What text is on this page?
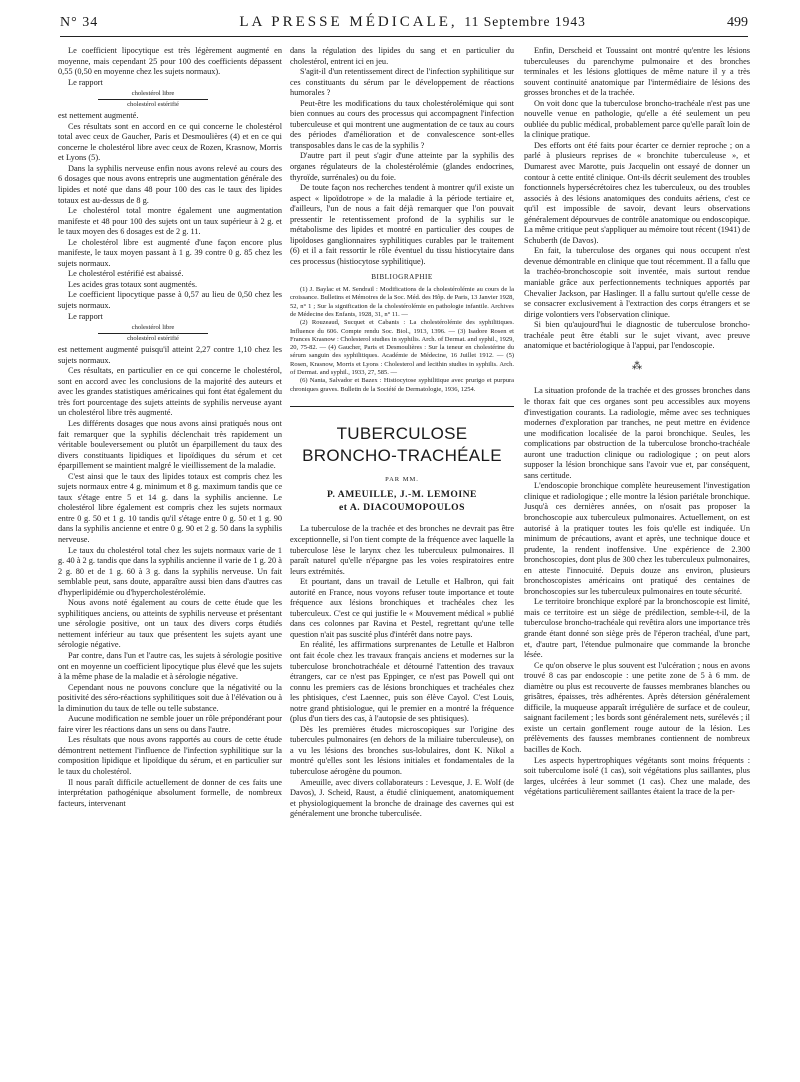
N° 34	LA PRESSE MÉDICALE, 11 Septembre 1943	499

Le coefficient lipocytique est très légèrement augmenté en moyenne, mais cependant 25 pour 100 des coefficients dépassent 0,55 (0,50 en moyenne chez les sujets normaux).

Le rapport

cholestérol libre
cholestérol estérifié

est nettement augmenté.

Ces résultats sont en accord en ce qui concerne le cholestérol total avec ceux de Gaucher, Paris et Desmoulières (4) et en ce qui concerne le cholestérol libre avec ceux de Rozen, Krasnow, Morris et Lyons (5).

Dans la syphilis nerveuse enfin nous avons relevé au cours des 6 dosages que nous avons entrepris une augmentation générale des lipides et noté que dans 48 pour 100 des cas le taux des lipides totaux est au-dessus de 8 g.

Le cholestérol total montre également une augmentation manifeste et 48 pour 100 des sujets ont un taux supérieur à 2 g. et le taux moyen des 6 dosages est de 2 g. 11.

Le cholestérol libre est augmenté d'une façon encore plus manifeste, le taux moyen passant à 1 g. 39 contre 0 g. 85 chez les sujets normaux.

Le cholestérol estérifié est abaissé.

Les acides gras totaux sont augmentés.

Le coefficient lipocytique passe à 0,57 au lieu de 0,50 chez les sujets normaux.

Le rapport

cholestérol libre
cholestérol estérifié

est nettement augmenté puisqu'il atteint 2,27 contre 1,10 chez les sujets normaux.

Ces résultats, en particulier en ce qui concerne le cholestérol, sont en accord avec les conclusions de la majorité des auteurs et avec les grandes statistiques américaines qui font état également du très fort pourcentage des sujets atteints de syphilis nerveuse ayant un cholestérol libre très augmenté.

Les différents dosages que nous avons ainsi pratiqués nous ont fait remarquer que la syphilis déclenchait très rapidement un véritable bouleversement ou plutôt un éparpillement du taux des divers constituants lipidiques et lipoïdiques du sérum et cet éparpillement se maintient malgré le vieillissement de la maladie.

C'est ainsi que le taux des lipides totaux est compris chez les sujets normaux entre 4 g. minimum et 8 g. maximum tandis que ce taux s'étage entre 5 et 14 g. dans la syphilis ancienne. Le cholestérol libre également est compris chez les sujets normaux entre 0 g. 50 et 1 g. 10 tandis qu'il s'étage entre 0 g. 50 et 1 g. 90 dans la syphilis ancienne et entre 0 g. 90 et 2 g. 50 dans la syphilis nerveuse.

Le taux du cholestérol total chez les sujets normaux varie de 1 g. 40 à 2 g. tandis que dans la syphilis ancienne il varie de 1 g. 20 à 2 g. 80 et de 1 g. 60 à 3 g. dans la syphilis nerveuse. Un fait semblable peut, sans doute, apparaître aussi bien dans d'autres cas d'hyperlipidémie ou d'hypercholestérolémie.

Nous avons noté également au cours de cette étude que les syphilitiques anciens, ou atteints de syphilis nerveuse et présentant une sérologie positive, ont un taux des divers corps étudiés nettement inférieur au taux que présentent les sujets ayant une sérologie négative.

Par contre, dans l'un et l'autre cas, les sujets à sérologie positive ont en moyenne un coefficient lipocytique plus élevé que les sujets à la même phase de la maladie et à sérologie négative.

Cependant nous ne pouvons conclure que la négativité ou la positivité des séro-réactions syphilitiques soit due à l'élévation ou à la diminution du taux de telle ou telle substance.

Aucune modification ne semble jouer un rôle prépondérant pour faire virer les réactions dans un sens ou dans l'autre.

Les résultats que nous avons rapportés au cours de cette étude démontrent nettement l'influence de l'infection syphilitique sur la composition lipidique et lipoïdique du sérum, et en particulier sur le taux du cholestérol.

Il nous paraît difficile actuellement de donner de ces faits une interprétation pathogénique absolument formelle, de nombreux facteurs, intervenant

dans la régulation des lipides du sang et en particulier du cholestérol, entrent ici en jeu.

S'agit-il d'un retentissement direct de l'infection syphilitique sur ces constituants du sérum par le développement de réactions humorales ?

Peut-être les modifications du taux cholestérolémique qui sont bien connues au cours des processus qui accompagnent l'infection tuberculeuse et qui montrent une augmentation de ce taux au cours des périodes d'amélioration et de convalescence sont-elles transposables dans le cas de la syphilis ?

D'autre part il peut s'agir d'une atteinte par la syphilis des organes régulateurs de la cholestérolémie (glandes endocrines, thyroïde, surrénales) ou du foie.

De toute façon nos recherches tendent à montrer qu'il existe un aspect « lipoïdotrope » de la maladie à la période tertiaire et, d'ailleurs, l'un de nous a fait déjà remarquer que l'on pouvait pressentir le retentissement profond de la syphilis sur le métabolisme des lipides et montré en particulier des coupes de lipoïdoses ganglionnaires syphilitiques curables par le traitement (6) et il a fait ressortir le rôle éventuel du tissu histiocytaire dans ces processus (histiocytose syphilitique).

BIBLIOGRAPHIE

(1) J. Baylac et M. Sendrail : Modifications de la cholestérolémie au cours de la croissance. Bulletins et Mémoires de la Soc. Méd. des Hôp. de Paris, 13 Janvier 1928, 52, n° 1 ; Sur la signification de la cholestérolémie en pathologie infantile. Archives de Médecine des Enfants, 1928, 31, n° 11. —

(2) Rouzeaud, Sucquet et Cabanis : La cholestérolémie des syphilitiques. Influence du 606. Compte rendu Soc. Biol., 1913, 1396. — (3) Isadore Rosen et Frances Krasnow : Cholesterol studies in syphilis. Arch. of Dermat. and syphil., 1929, 20, 75-82. — (4) Gaucher, Paris et Desmoulières : Sur la teneur en cholestérine du sérum sanguin des syphilitiques. Académie de Médecine, 16 Juillet 1912. — (5) Rosen, Krasnow, Morris et Lyons : Cholesterol and lecithin studies in syphilis. Arch. of Dermat. and syphil., 1933, 27, 585. —

(6) Nanta, Salvador et Bazex : Histiocytose syphilitique avec prurigo et purpura chroniques graves. Bulletin de la Société de Dermatologie, 1936, 1254.

TUBERCULOSE
BRONCHO-TRACHÉALE
PAR MM.
P. AMEUILLE, J.-M. LEMOINE
et A. DIACOUMOPOULOS

La tuberculose de la trachée et des bronches ne devrait pas être exceptionnelle, si l'on tient compte de la fréquence avec laquelle la tuberculose lèse le larynx chez les tuberculeux pulmonaires. Il paraît naturel qu'elle n'épargne pas les voies respiratoires entre leurs extrémités.

Et pourtant, dans un travail de Letulle et Halbron, qui fait autorité en France, nous voyons refuser toute importance et toute fréquence aux lésions bronchiques et trachéales chez les tuberculeux. C'est ce qui justifie le « Mouvement médical » publié dans ces colonnes par Ravina et Pestel, regrettant qu'une telle question n'ait pas suscité plus d'intérêt dans notre pays.

En réalité, les affirmations surprenantes de Letulle et Halbron ont fait école chez les travaux français anciens et modernes sur la tuberculose bronchotrachéale et détourné l'attention des travaux étrangers, car ce n'est pas Eppinger, ce n'est pas Powell qui ont connu les premiers cas de lésions bronchiques et trachéales chez les phtisiques, c'est Laennec, puis son élève Cayol. C'est Louis, notre grand phtisiologue, qui le premier en a montré la fréquence (plus d'un tiers des cas, à l'autopsie de ses phtisiques).

Dès les premières études microscopiques sur l'origine des tubercules pulmonaires (en dehors de la miliaire tuberculeuse), on a vu les lésions des bronches sus-lobulaires, dont K. Nikol a montré qu'elles sont les lésions initiales et fondamentales de la tuberculose aérogène du poumon.

Ameuille, avec divers collaborateurs : Levesque, J. E. Wolf (de Davos), J. Scheid, Raust, a étudié cliniquement, anatomiquement et physiologiquement la bronche de drainage des cavernes qui est généralement une bronche tuberculisée.

Enfin, Derscheid et Toussaint ont montré qu'entre les lésions tuberculeuses du parenchyme pulmonaire et des bronches terminales et les lésions glottiques de même nature il y a très souvent continuité anatomique par l'intermédiaire de lésions des grosses bronches et de la trachée.

On voit donc que la tuberculose broncho-trachéale n'est pas une nouvelle venue en pathologie, qu'elle a été seulement un peu oubliée du public médical, probablement parce qu'elle paraît loin de la clinique pratique.

Des efforts ont été faits pour écarter ce dernier reproche ; on a parlé à plusieurs reprises de « bronchite tuberculeuse », et Dumarest avec Marotte, puis Jacquelin ont essayé de donner un contour à cette entité clinique. Ont-ils décrit seulement des troubles fonctionnels hypersécrétoires chez les tuberculeux, ou des troubles associés à des lésions anatomiques des conduits aériens, c'est ce qu'il est impossible de savoir, devant leurs observations généralement dépourvues de contrôle anatomique ou endoscopique. La même critique peut s'appliquer au mémoire tout récent (1941) de Schuberth (de Davos).

En fait, la tuberculose des organes qui nous occupent n'est devenue démontrable en clinique que tout récemment. Il a fallu que la trachéo-bronchoscopie soit inventée, mais surtout rendue maniable grâce aux perfectionnements techniques apportés par Chevalier Jackson, par Haslinger. Il a fallu surtout qu'elle cesse de se consacrer exclusivement à l'extraction des corps étrangers et se dirige volontiers vers l'observation clinique.

Si bien qu'aujourd'hui le diagnostic de tuberculose broncho-trachéale peut être établi sur le sujet vivant, avec preuve anatomique et bactériologique à l'appui, par l'endoscopie.

⁂

La situation profonde de la trachée et des grosses bronches dans le thorax fait que ces organes sont peu accessibles aux moyens d'investigation courants. La radiologie, même avec ses techniques modernes d'exploration par tranches, ne peut mettre en évidence une modification localisée de la paroi bronchique. Seules, les complications par obstruction de la tuberculose broncho-trachéale auront une traduction clinique ou radiologique ; on peut alors supposer la lésion bronchique sans l'avoir vue et, par conséquent, sans certitude.

L'endoscopie bronchique complète heureusement l'investigation clinique et radiologique ; elle montre la lésion pariétale bronchique. Jusqu'à ces dernières années, on n'osait pas proposer la bronchoscopie aux tuberculeux pulmonaires. Actuellement, on est autorisé à la pratiquer toutes les fois qu'elle est indiquée. Un minimum de précautions, avant et après, une technique douce et prudente, la rendent inoffensive. Une expérience de 2.300 bronchoscopies, dont plus de 300 chez les tuberculeux pulmonaires, en atteste l'innocuité. Depuis douze ans environ, plusieurs bronchoscopistes américains ont pratiqué des centaines de bronchoscopies sur les tuberculeux pulmonaires en toute sécurité.

Le territoire bronchique exploré par la bronchoscopie est limité, mais ce territoire est un siège de prédilection, semble-t-il, de la tuberculose broncho-trachéale qui revêtira alors une importance très grande étant donné son siège près de l'éperon trachéal, d'une part, et, d'autre part, l'étendue pulmonaire que commande la bronche lésée.

Ce qu'on observe le plus souvent est l'ulcération ; nous en avons trouvé 8 cas par endoscopie : une petite zone de 5 à 6 mm. de diamètre ou plus est recouverte de fausses membranes blanches ou grisâtres, épaisses, très adhérentes. Après détersion généralement difficile, la muqueuse apparaît irrégulière de surface et de couleur, saignant facilement ; les bords sont généralement nets, surélevés ; il existe un certain gonflement rouge autour de la lésion. Les prélèvements des fausses membranes contiennent de nombreux bacilles de Koch.

Les aspects hypertrophiques végétants sont moins fréquents : soit tuberculome isolé (1 cas), soit végétations plus saillantes, plus larges, ulcérées à leur sommet (1 cas). Chez une malade, des végétations particulièrement saillantes étaient la trace de la per-
